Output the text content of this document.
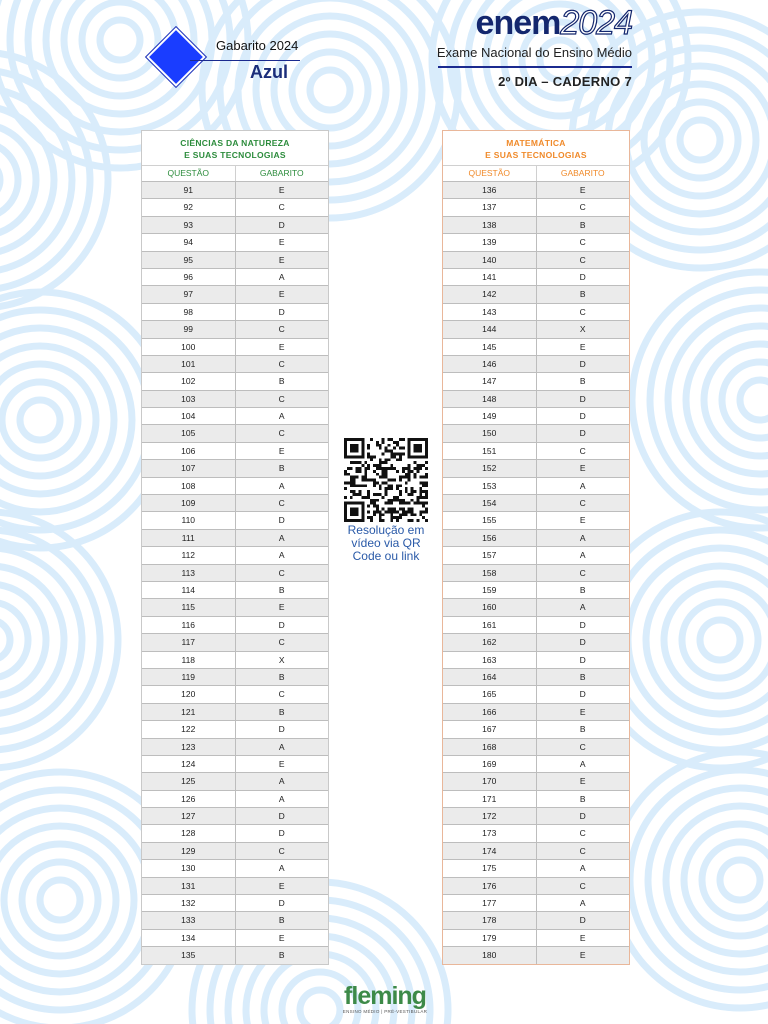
Gabarito 2024
Azul
enem2024
Exame Nacional do Ensino Médio
2º DIA – CADERNO 7
CIÊNCIAS DA NATUREZA
E SUAS TECNOLOGIAS
QUESTÃO	GABARITO
91	E
92	C
93	D
94	E
95	E
96	A
97	E
98	D
99	C
100	E
101	C
102	B
103	C
104	A
105	C
106	E
107	B
108	A
109	C
110	D
111	A
112	A
113	C
114	B
115	E
116	D
117	C
118	X
119	B
120	C
121	B
122	D
123	A
124	E
125	A
126	A
127	D
128	D
129	C
130	A
131	E
132	D
133	B
134	E
135	B
Resolução em
vídeo via QR
Code ou link
MATEMÁTICA
E SUAS TECNOLOGIAS
QUESTÃO	GABARITO
136	E
137	C
138	B
139	C
140	C
141	D
142	B
143	C
144	X
145	E
146	D
147	B
148	D
149	D
150	D
151	C
152	E
153	A
154	C
155	E
156	A
157	A
158	C
159	B
160	A
161	D
162	D
163	D
164	B
165	D
166	E
167	B
168	C
169	A
170	E
171	B
172	D
173	C
174	C
175	A
176	C
177	A
178	D
179	E
180	E
fleming
ENSINO MÉDIO | PRÉ-VESTIBULAR
